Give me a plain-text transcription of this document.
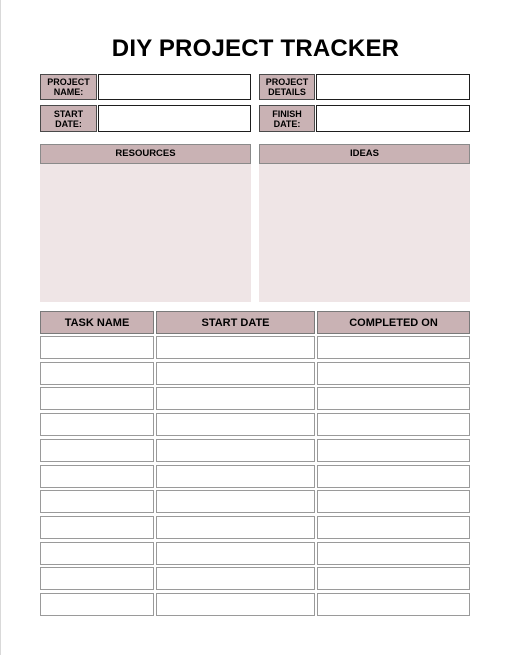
DIY PROJECT TRACKER
PROJECT NAME:
PROJECT DETAILS
START DATE:
FINISH DATE:
RESOURCES	IDEAS
TASK NAME	START DATE	COMPLETED ON
